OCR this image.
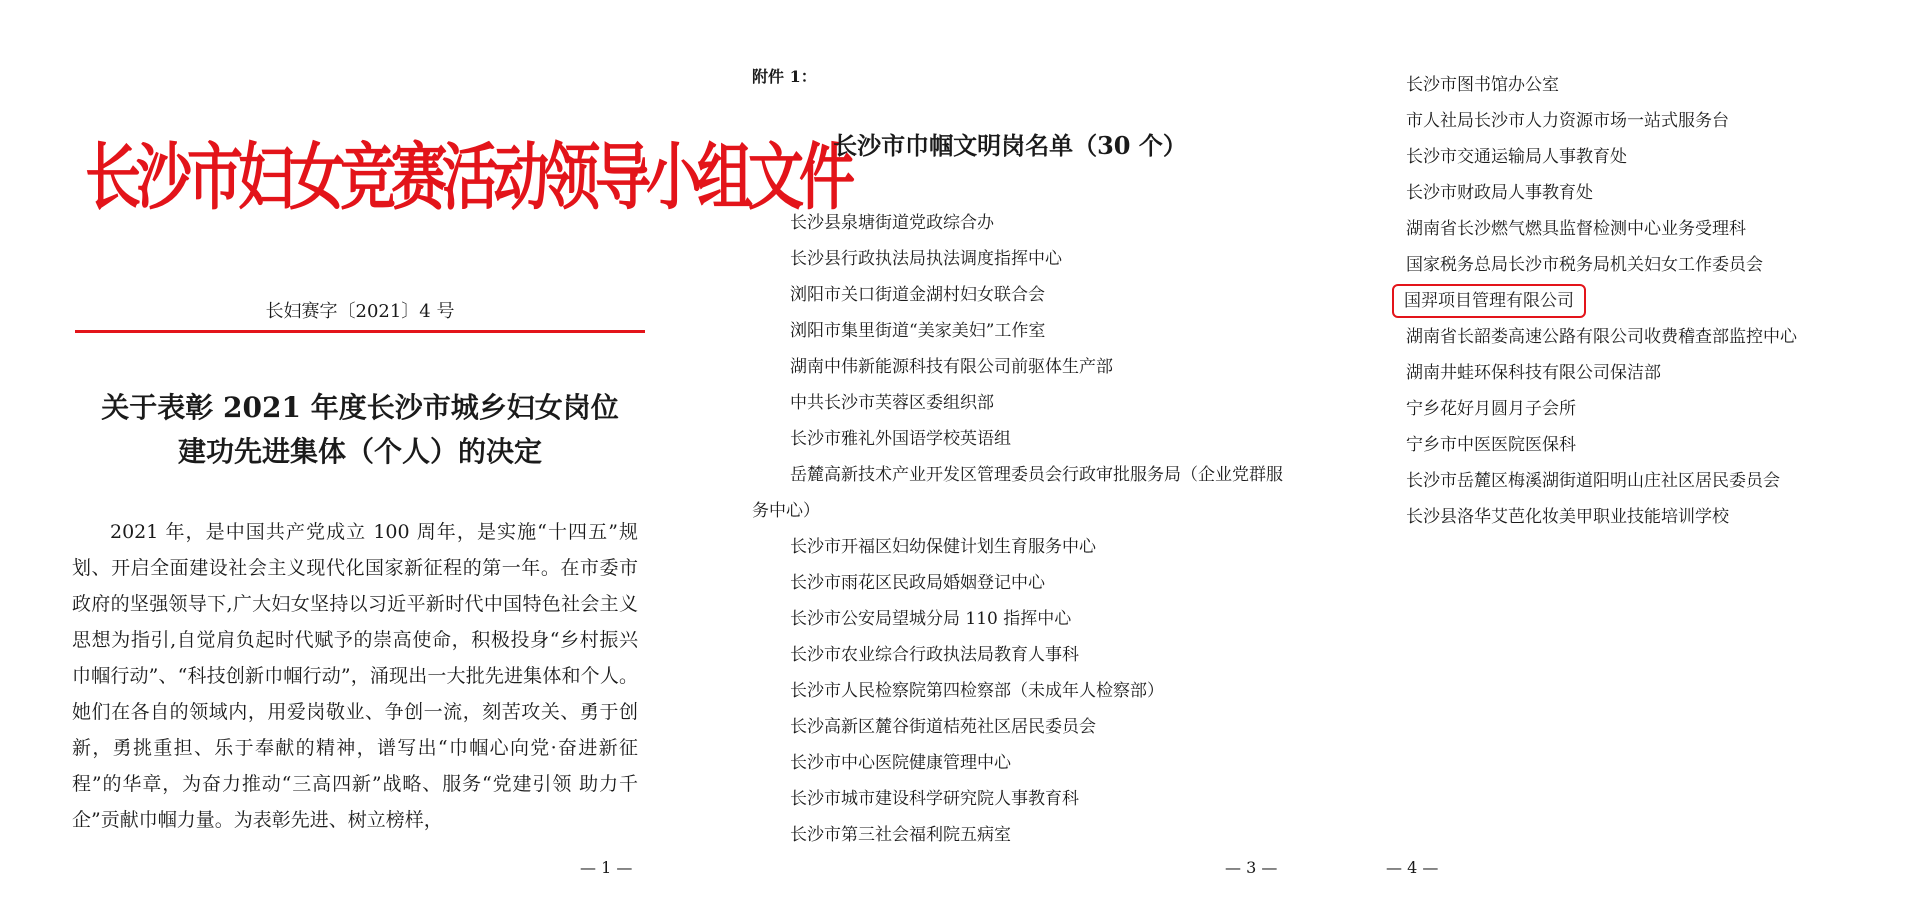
长沙市妇女竞赛活动领导小组文件
长妇赛字〔2021〕4 号
关于表彰 2021 年度长沙市城乡妇女岗位
建功先进集体（个人）的决定

2021 年，是中国共产党成立 100 周年，是实施“十四五”规划、开启全面建设社会主义现代化国家新征程的第一年。在市委市政府的坚强领导下,广大妇女坚持以习近平新时代中国特色社会主义思想为指引,自觉肩负起时代赋予的崇高使命，积极投身“乡村振兴巾帼行动”、“科技创新巾帼行动”，涌现出一大批先进集体和个人。她们在各自的领域内，用爱岗敬业、争创一流，刻苦攻关、勇于创新，勇挑重担、乐于奉献的精神，谱写出“巾帼心向党·奋进新征程”的华章，为奋力推动“三高四新”战略、服务“党建引领 助力千企”贡献巾帼力量。为表彰先进、树立榜样，

— 1 —
附件 1：
长沙市巾帼文明岗名单（30 个）
长沙县泉塘街道党政综合办
长沙县行政执法局执法调度指挥中心
浏阳市关口街道金湖村妇女联合会
浏阳市集里街道“美家美妇”工作室
湖南中伟新能源科技有限公司前驱体生产部
中共长沙市芙蓉区委组织部
长沙市雅礼外国语学校英语组
岳麓高新技术产业开发区管理委员会行政审批服务局（企业党群服务中心）
长沙市开福区妇幼保健计划生育服务中心
长沙市雨花区民政局婚姻登记中心
长沙市公安局望城分局 110 指挥中心
长沙市农业综合行政执法局教育人事科
长沙市人民检察院第四检察部（未成年人检察部）
长沙高新区麓谷街道桔苑社区居民委员会
长沙市中心医院健康管理中心
长沙市城市建设科学研究院人事教育科
长沙市第三社会福利院五病室
— 3 —
长沙市图书馆办公室
市人社局长沙市人力资源市场一站式服务台
长沙市交通运输局人事教育处
长沙市财政局人事教育处
湖南省长沙燃气燃具监督检测中心业务受理科
国家税务总局长沙市税务局机关妇女工作委员会
国羿项目管理有限公司
湖南省长韶娄高速公路有限公司收费稽查部监控中心
湖南井蛙环保科技有限公司保洁部
宁乡花好月圆月子会所
宁乡市中医医院医保科
长沙市岳麓区梅溪湖街道阳明山庄社区居民委员会
长沙县洛华艾芭化妆美甲职业技能培训学校
— 4 —
